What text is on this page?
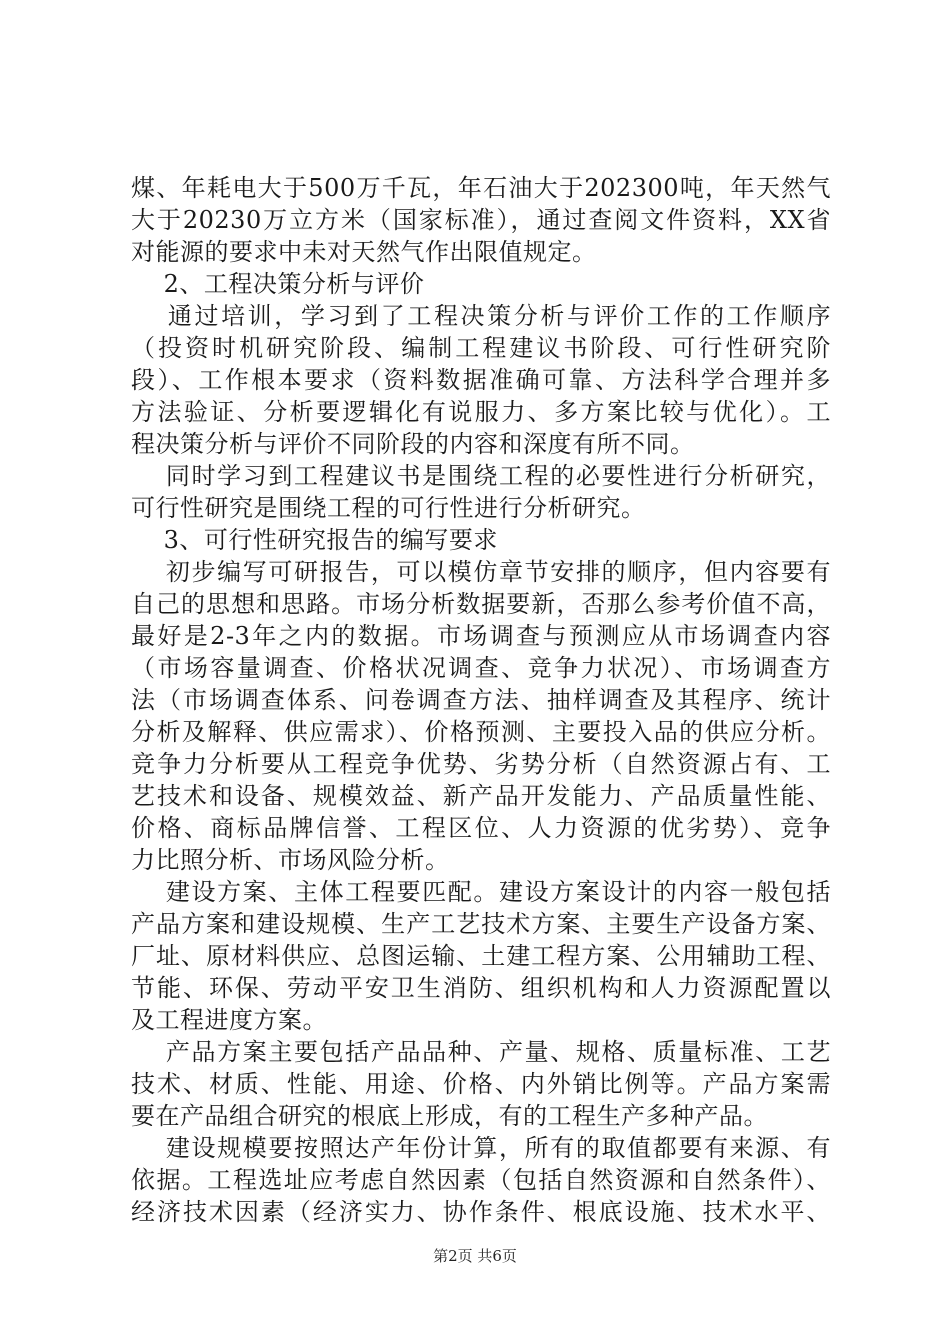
煤、年耗电大于500万千瓦，年石油大于202300吨，年天然气
大于20230万立方米（国家标准），通过查阅文件资料，XX省
对能源的要求中未对天然气作出限值规定。
　 2、工程决策分析与评价
　 通过培训，学习到了工程决策分析与评价工作的工作顺序
（投资时机研究阶段、编制工程建议书阶段、可行性研究阶
段）、工作根本要求（资料数据准确可靠、方法科学合理并多
方法验证、分析要逻辑化有说服力、多方案比较与优化）。工
程决策分析与评价不同阶段的内容和深度有所不同。
　 同时学习到工程建议书是围绕工程的必要性进行分析研究，
可行性研究是围绕工程的可行性进行分析研究。
　 3、可行性研究报告的编写要求
　 初步编写可研报告，可以模仿章节安排的顺序，但内容要有
自己的思想和思路。市场分析数据要新，否那么参考价值不高，
最好是2-3年之内的数据。市场调查与预测应从市场调查内容
（市场容量调查、价格状况调查、竞争力状况）、市场调查方
法（市场调查体系、问卷调查方法、抽样调查及其程序、统计
分析及解释、供应需求）、价格预测、主要投入品的供应分析。
竞争力分析要从工程竞争优势、劣势分析（自然资源占有、工
艺技术和设备、规模效益、新产品开发能力、产品质量性能、
价格、商标品牌信誉、工程区位、人力资源的优劣势）、竞争
力比照分析、市场风险分析。
　 建设方案、主体工程要匹配。建设方案设计的内容一般包括
产品方案和建设规模、生产工艺技术方案、主要生产设备方案、
厂址、原材料供应、总图运输、土建工程方案、公用辅助工程、
节能、环保、劳动平安卫生消防、组织机构和人力资源配置以
及工程进度方案。
　 产品方案主要包括产品品种、产量、规格、质量标准、工艺
技术、材质、性能、用途、价格、内外销比例等。产品方案需
要在产品组合研究的根底上形成，有的工程生产多种产品。
　 建设规模要按照达产年份计算，所有的取值都要有来源、有
依据。工程选址应考虑自然因素（包括自然资源和自然条件）、
经济技术因素（经济实力、协作条件、根底设施、技术水平、
第2页 共6页
